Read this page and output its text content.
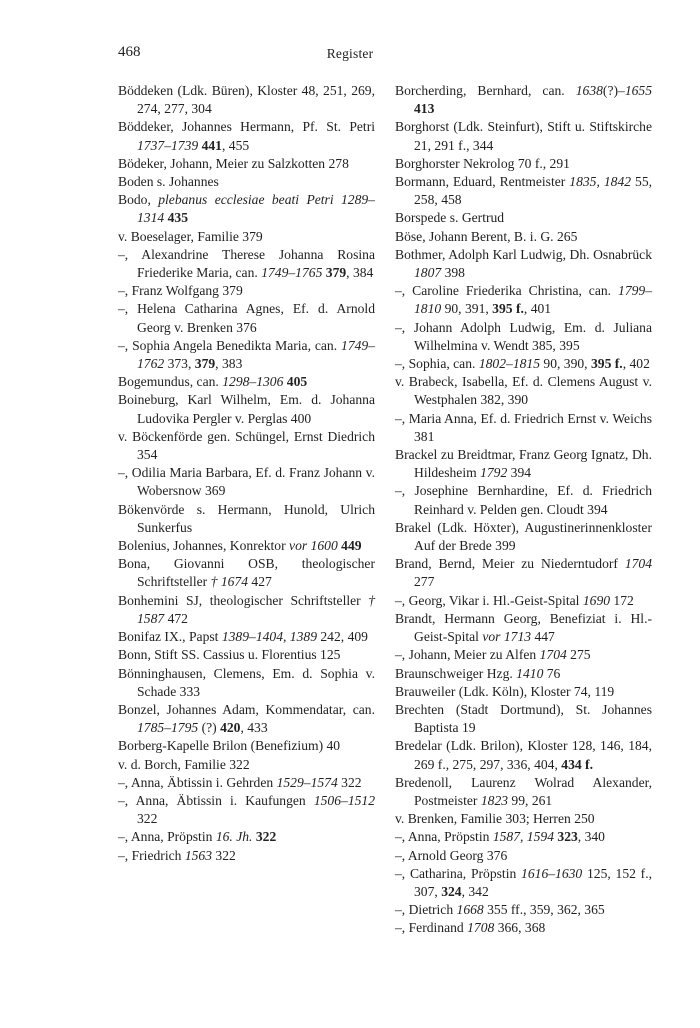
468	Register

Böddeken (Ldk. Büren), Kloster 48, 251, 269, 274, 277, 304

Böddeker, Johannes Hermann, Pf. St. Petri 1737–1739 441, 455

Bödeker, Johann, Meier zu Salzkotten 278

Boden s. Johannes

Bodo, plebanus ecclesiae beati Petri 1289–1314 435

v. Boeselager, Familie 379

–, Alexandrine Therese Johanna Rosina Friederike Maria, can. 1749–1765 379, 384

–, Franz Wolfgang 379

–, Helena Catharina Agnes, Ef. d. Arnold Georg v. Brenken 376

–, Sophia Angela Benedikta Maria, can. 1749–1762 373, 379, 383

Bogemundus, can. 1298–1306 405

Boineburg, Karl Wilhelm, Em. d. Johanna Ludovika Pergler v. Perglas 400

v. Böckenförde gen. Schüngel, Ernst Diedrich 354

–, Odilia Maria Barbara, Ef. d. Franz Johann v. Wobersnow 369

Bökenvörde s. Hermann, Hunold, Ulrich Sunkerfus

Bolenius, Johannes, Konrektor vor 1600 449

Bona, Giovanni OSB, theologischer Schriftsteller † 1674 427

Bonhemini SJ, theologischer Schriftsteller † 1587 472

Bonifaz IX., Papst 1389–1404, 1389 242, 409

Bonn, Stift SS. Cassius u. Florentius 125

Bönninghausen, Clemens, Em. d. Sophia v. Schade 333

Bonzel, Johannes Adam, Kommendatar, can. 1785–1795 (?) 420, 433

Borberg-Kapelle Brilon (Benefizium) 40

v. d. Borch, Familie 322

–, Anna, Äbtissin i. Gehrden 1529–1574 322

–, Anna, Äbtissin i. Kaufungen 1506–1512 322

–, Anna, Pröpstin 16. Jh. 322

–, Friedrich 1563 322

Borcherding, Bernhard, can. 1638(?)–1655 413

Borghorst (Ldk. Steinfurt), Stift u. Stiftskirche 21, 291 f., 344

Borghorster Nekrolog 70 f., 291

Bormann, Eduard, Rentmeister 1835, 1842 55, 258, 458

Borspede s. Gertrud

Böse, Johann Berent, B. i. G. 265

Bothmer, Adolph Karl Ludwig, Dh. Osnabrück 1807 398

–, Caroline Friederika Christina, can. 1799–1810 90, 391, 395 f., 401

–, Johann Adolph Ludwig, Em. d. Juliana Wilhelmina v. Wendt 385, 395

–, Sophia, can. 1802–1815 90, 390, 395 f., 402

v. Brabeck, Isabella, Ef. d. Clemens August v. Westphalen 382, 390

–, Maria Anna, Ef. d. Friedrich Ernst v. Weichs 381

Brackel zu Breidtmar, Franz Georg Ignatz, Dh. Hildesheim 1792 394

–, Josephine Bernhardine, Ef. d. Friedrich Reinhard v. Pelden gen. Cloudt 394

Brakel (Ldk. Höxter), Augustinerinnenkloster Auf der Brede 399

Brand, Bernd, Meier zu Niederntudorf 1704 277

–, Georg, Vikar i. Hl.-Geist-Spital 1690 172

Brandt, Hermann Georg, Benefiziat i. Hl.-Geist-Spital vor 1713 447

–, Johann, Meier zu Alfen 1704 275

Braunschweiger Hzg. 1410 76

Brauweiler (Ldk. Köln), Kloster 74, 119

Brechten (Stadt Dortmund), St. Johannes Baptista 19

Bredelar (Ldk. Brilon), Kloster 128, 146, 184, 269 f., 275, 297, 336, 404, 434 f.

Bredenoll, Laurenz Wolrad Alexander, Postmeister 1823 99, 261

v. Brenken, Familie 303; Herren 250

–, Anna, Pröpstin 1587, 1594 323, 340

–, Arnold Georg 376

–, Catharina, Pröpstin 1616–1630 125, 152 f., 307, 324, 342

–, Dietrich 1668 355 ff., 359, 362, 365

–, Ferdinand 1708 366, 368
